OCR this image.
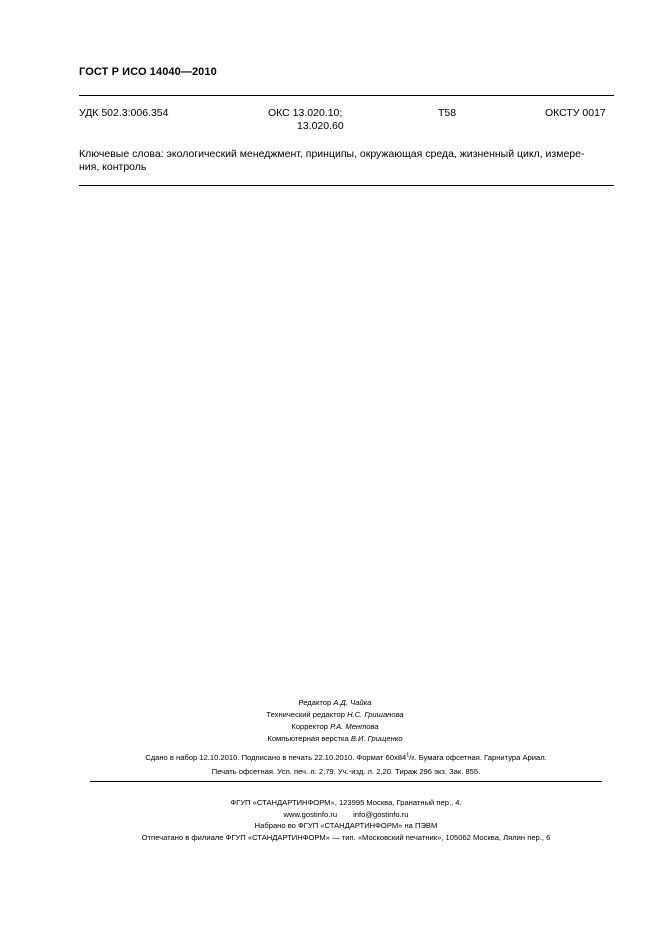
ГОСТ Р ИСО 14040—2010
УДК 502.3:006.354	ОКС 13.020.10;
13.020.60
Т58	ОКСТУ 0017
Ключевые слова: экологический менеджмент, принципы, окружающая среда, жизненный цикл, измере-
ния, контроль
Редактор А.Д. Чайка
Технический редактор Н.С. Гришанова
Корректор Р.А. Ментова
Компьютерная верстка В.И. Грищенко
Сдано в набор 12.10.2010. Подписано в печать 22.10.2010. Формат $60х84^1/8$. Бумага офсетная. Гарнитура Ариал.
Печать офсетная. Усл. печ. л. 2,79. Уч.-изд. л. 2,20. Тираж 296 экз. Зак. 855.
ФГУП «СТАНДАРТИНФОРМ», 123995 Москва, Гранатный пер., 4.
www.gostinfo.ru info@gostinfo.ru
Набрано во ФГУП «СТАНДАРТИНФОРМ» на ПЭВМ
Отпечатано в филиале ФГУП «СТАНДАРТИНФОРМ» — тип. «Московский печатник», 105062 Москва, Лялин пер., 6
